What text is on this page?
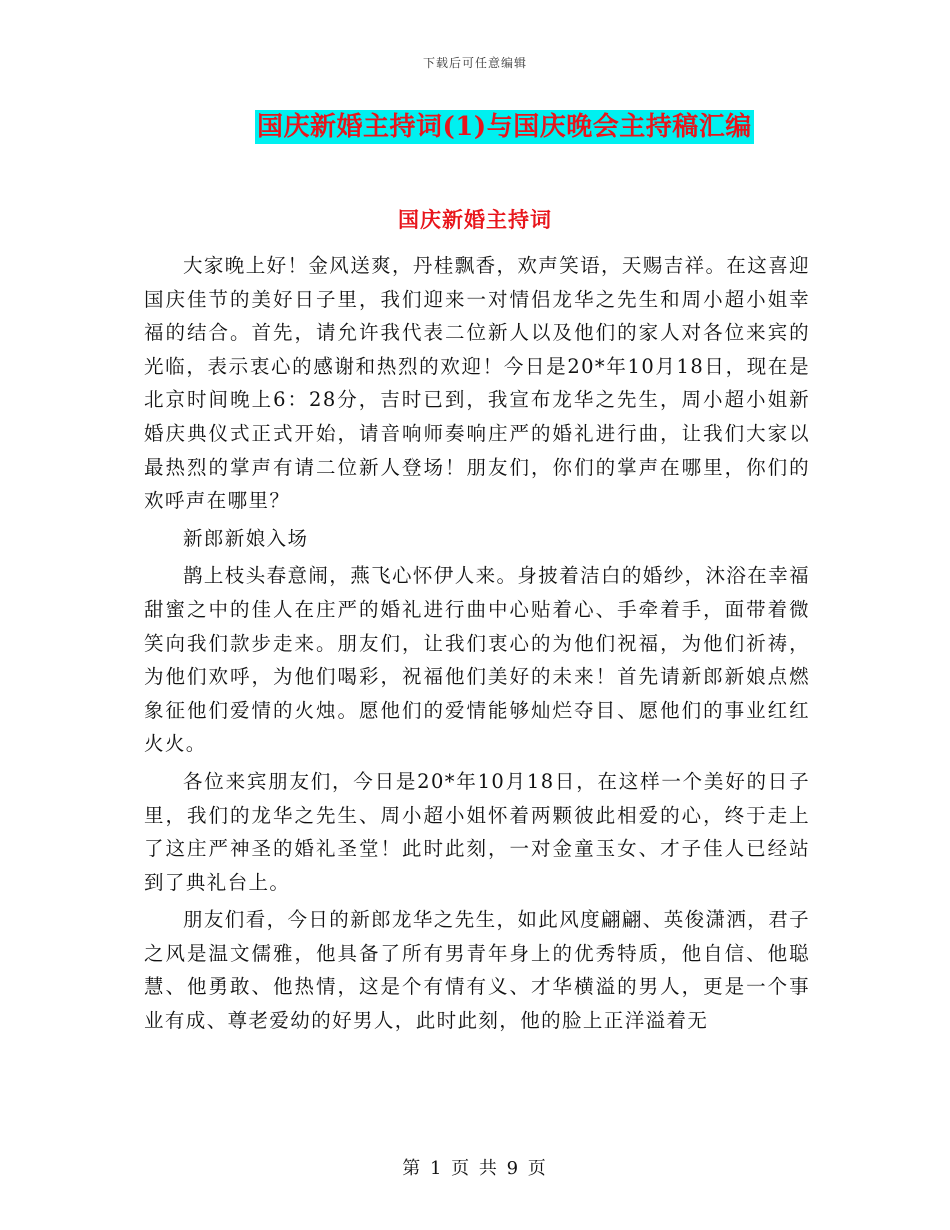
下载后可任意编辑
国庆新婚主持词(1)与国庆晚会主持稿汇编
国庆新婚主持词

大家晚上好！金风送爽，丹桂飘香，欢声笑语，天赐吉祥。在这喜迎国庆佳节的美好日子里，我们迎来一对情侣龙华之先生和周小超小姐幸福的结合。首先，请允许我代表二位新人以及他们的家人对各位来宾的光临，表示衷心的感谢和热烈的欢迎！今日是20*年10月18日，现在是北京时间晚上6：28分，吉时已到，我宣布龙华之先生，周小超小姐新婚庆典仪式正式开始，请音响师奏响庄严的婚礼进行曲，让我们大家以最热烈的掌声有请二位新人登场！朋友们，你们的掌声在哪里，你们的欢呼声在哪里？

新郎新娘入场

鹊上枝头春意闹，燕飞心怀伊人来。身披着洁白的婚纱，沐浴在幸福甜蜜之中的佳人在庄严的婚礼进行曲中心贴着心、手牵着手，面带着微笑向我们款步走来。朋友们，让我们衷心的为他们祝福，为他们祈祷，为他们欢呼，为他们喝彩，祝福他们美好的未来！首先请新郎新娘点燃象征他们爱情的火烛。愿他们的爱情能够灿烂夺目、愿他们的事业红红火火。

各位来宾朋友们，今日是20*年10月18日，在这样一个美好的日子里，我们的龙华之先生、周小超小姐怀着两颗彼此相爱的心，终于走上了这庄严神圣的婚礼圣堂！此时此刻，一对金童玉女、才子佳人已经站到了典礼台上。

朋友们看，今日的新郎龙华之先生，如此风度翩翩、英俊潇洒，君子之风是温文儒雅，他具备了所有男青年身上的优秀特质，他自信、他聪慧、他勇敢、他热情，这是个有情有义、才华横溢的男人，更是一个事业有成、尊老爱幼的好男人，此时此刻，他的脸上正洋溢着无

第 1 页 共 9 页
